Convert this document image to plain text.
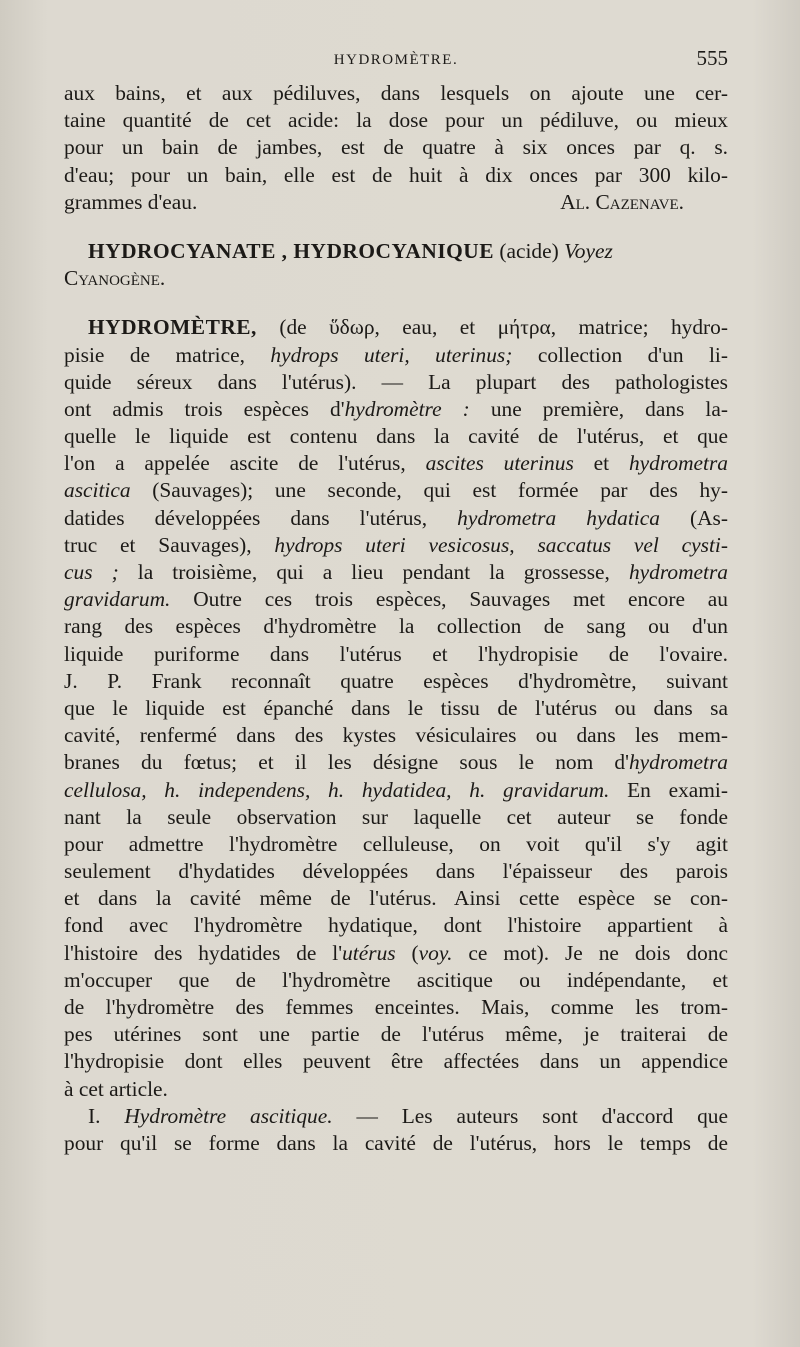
HYDROMÈTRE.	555
aux bains, et aux pédiluves, dans lesquels on ajoute une cer-
taine quantité de cet acide: la dose pour un pédiluve, ou mieux
pour un bain de jambes, est de quatre à six onces par q. s.
d'eau; pour un bain, elle est de huit à dix onces par 300 kilo-
grammes d'eau.	Al. Cazenave.
HYDROCYANATE , HYDROCYANIQUE (acide) Voyez
Cyanogène.
HYDROMÈTRE, (de ὕδωρ, eau, et μήτρα, matrice; hydro-
pisie de matrice, hydrops uteri, uterinus; collection d'un li-
quide séreux dans l'utérus). — La plupart des pathologistes
ont admis trois espèces d'hydromètre : une première, dans la-
quelle le liquide est contenu dans la cavité de l'utérus, et que
l'on a appelée ascite de l'utérus, ascites uterinus et hydrometra
ascitica (Sauvages); une seconde, qui est formée par des hy-
datides développées dans l'utérus, hydrometra hydatica (As-
truc et Sauvages), hydrops uteri vesicosus, saccatus vel cysti-
cus ; la troisième, qui a lieu pendant la grossesse, hydrometra
gravidarum. Outre ces trois espèces, Sauvages met encore au
rang des espèces d'hydromètre la collection de sang ou d'un
liquide puriforme dans l'utérus et l'hydropisie de l'ovaire.
J. P. Frank reconnaît quatre espèces d'hydromètre, suivant
que le liquide est épanché dans le tissu de l'utérus ou dans sa
cavité, renfermé dans des kystes vésiculaires ou dans les mem-
branes du fœtus; et il les désigne sous le nom d'hydrometra
cellulosa, h. independens, h. hydatidea, h. gravidarum. En exami-
nant la seule observation sur laquelle cet auteur se fonde
pour admettre l'hydromètre celluleuse, on voit qu'il s'y agit
seulement d'hydatides développées dans l'épaisseur des parois
et dans la cavité même de l'utérus. Ainsi cette espèce se con-
fond avec l'hydromètre hydatique, dont l'histoire appartient à
l'histoire des hydatides de l'utérus (voy. ce mot). Je ne dois donc
m'occuper que de l'hydromètre ascitique ou indépendante, et
de l'hydromètre des femmes enceintes. Mais, comme les trom-
pes utérines sont une partie de l'utérus même, je traiterai de
l'hydropisie dont elles peuvent être affectées dans un appendice
à cet article.
I. Hydromètre ascitique. — Les auteurs sont d'accord que
pour qu'il se forme dans la cavité de l'utérus, hors le temps de
